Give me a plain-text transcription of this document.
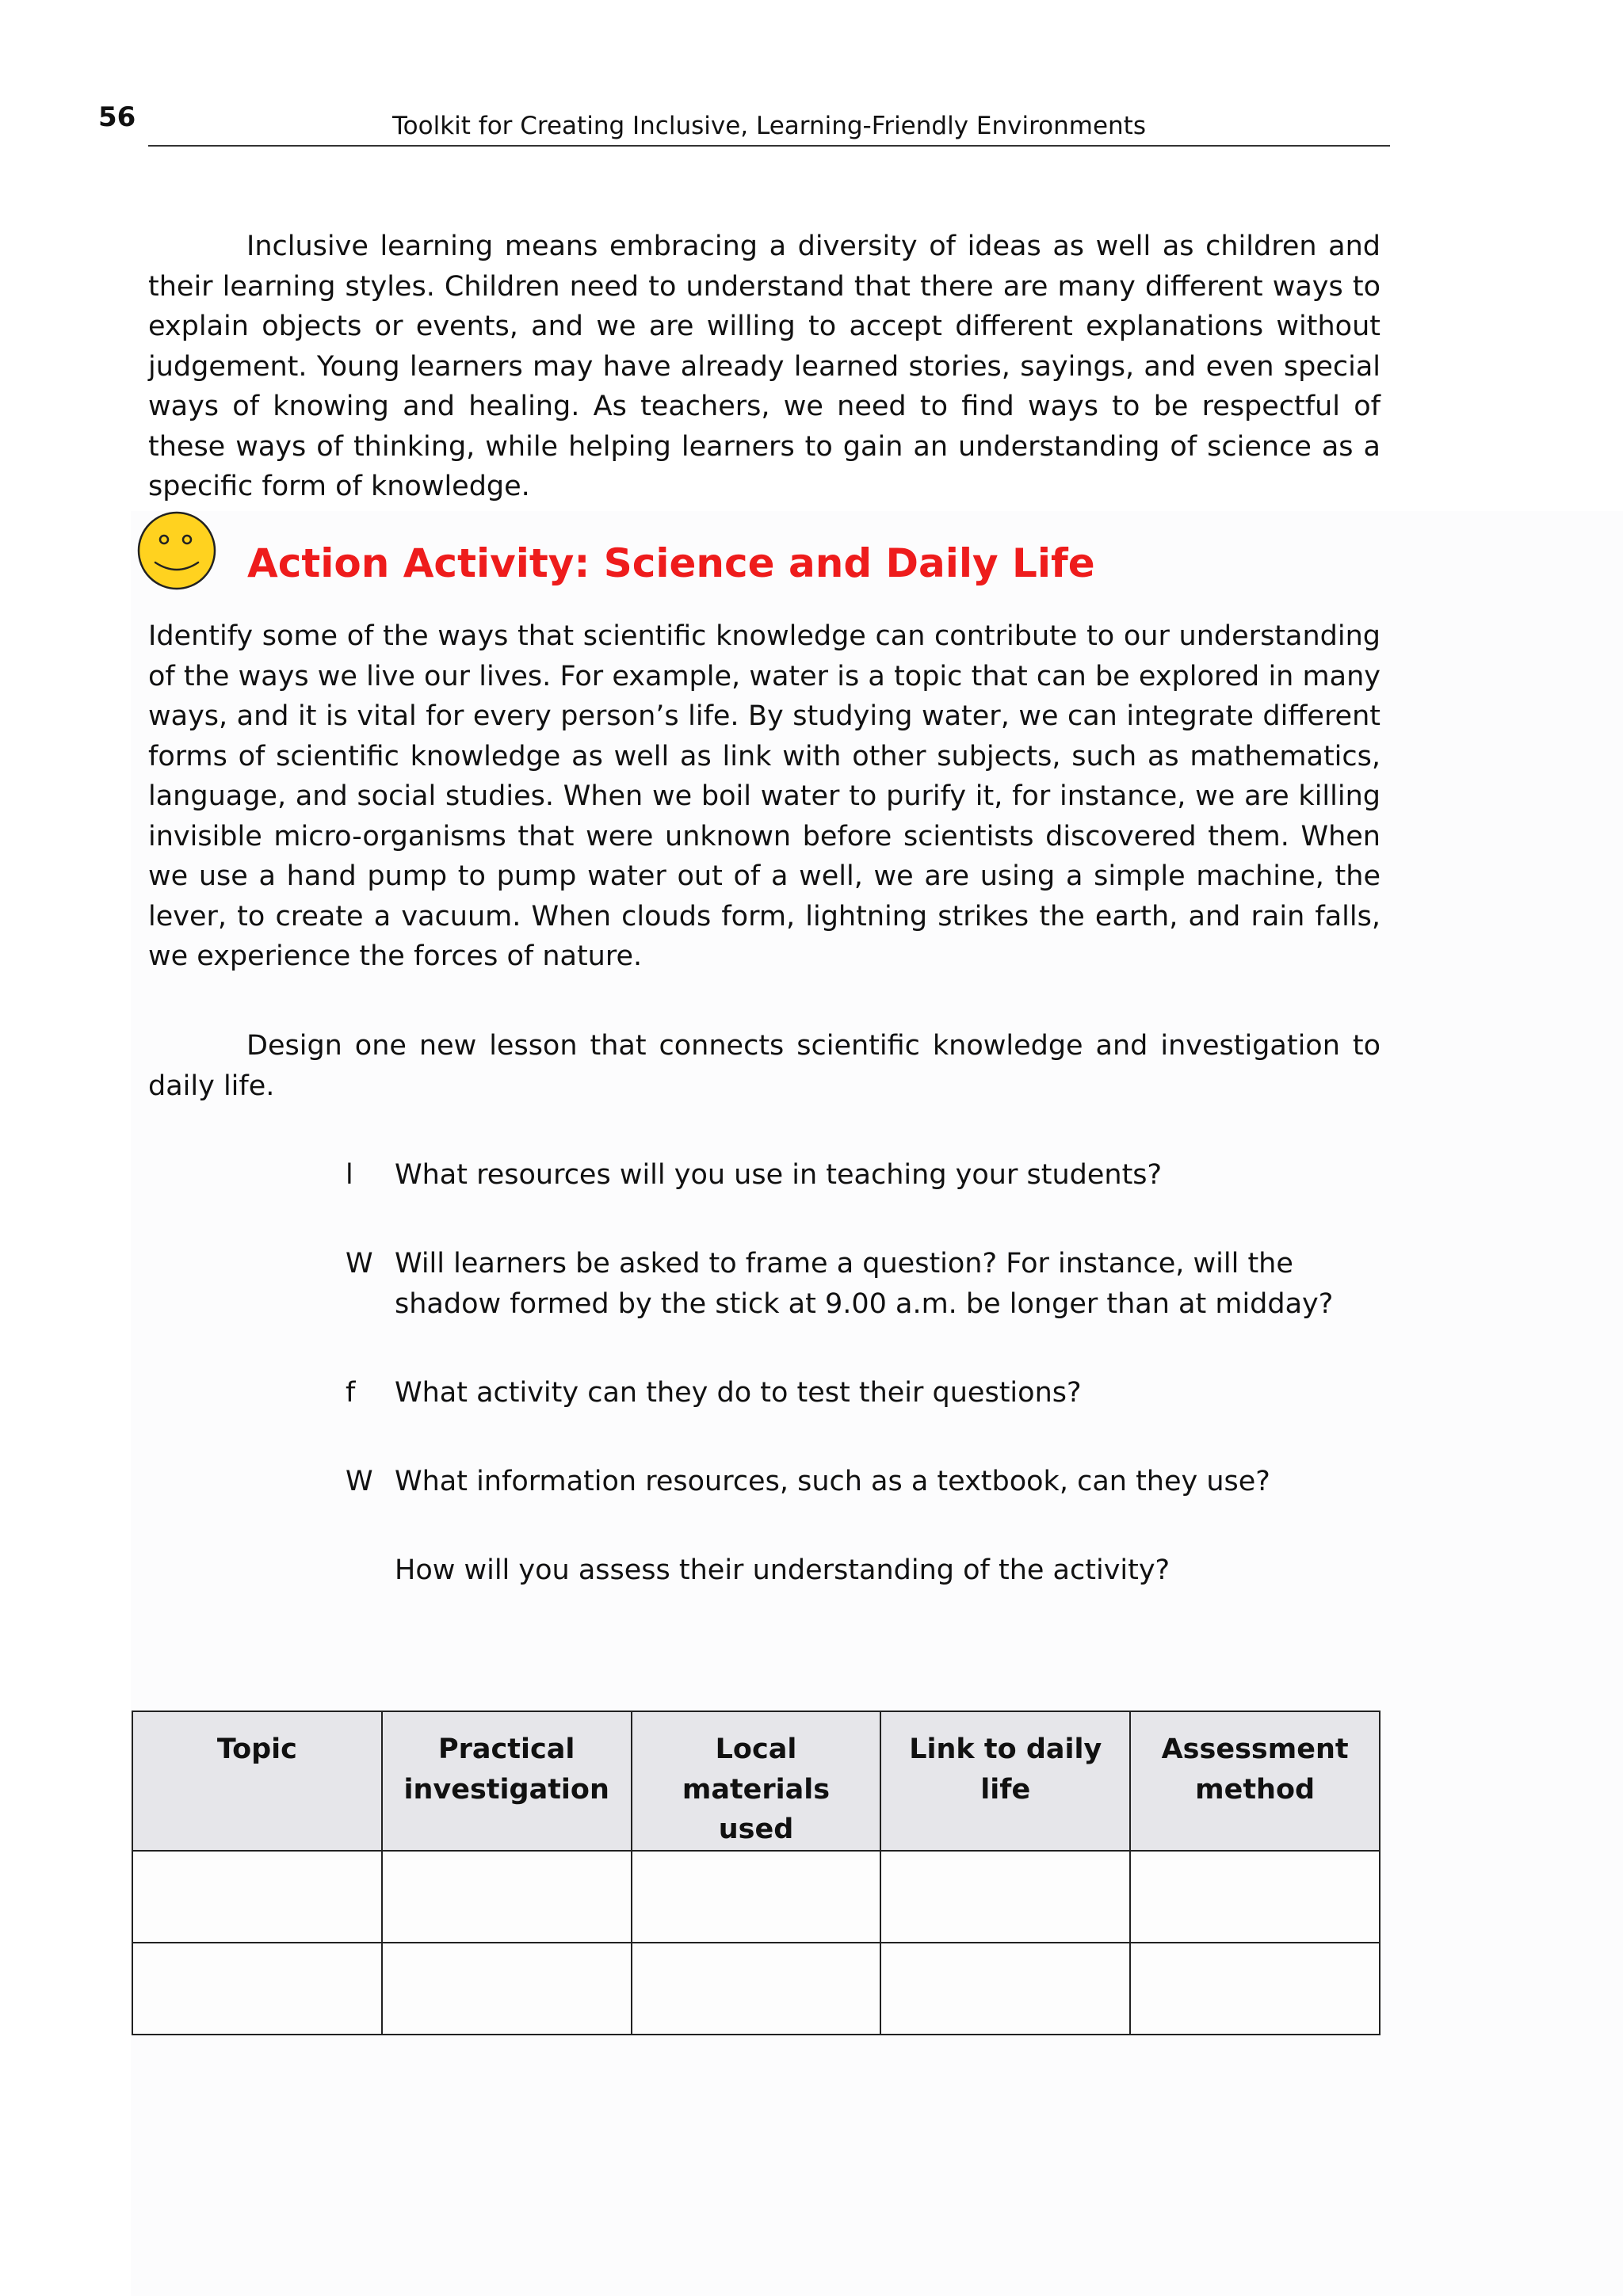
56	Toolkit for Creating Inclusive, Learning-Friendly Environments

Inclusive learning means embracing a diversity of ideas as well as children and their learning styles. Children need to understand that there are many different ways to explain objects or events, and we are willing to accept different explanations without judgement. Young learners may have already learned stories, sayings, and even special ways of knowing and healing. As teachers, we need to find ways to be respectful of these ways of thinking, while helping learners to gain an understanding of science as a specific form of knowledge.

Action Activity: Science and Daily Life

Identify some of the ways that scientific knowledge can contribute to our understanding of the ways we live our lives. For example, water is a topic that can be explored in many ways, and it is vital for every person’s life. By studying water, we can integrate different forms of scientific knowledge as well as link with other subjects, such as mathematics, language, and social studies. When we boil water to purify it, for instance, we are killing invisible micro-organisms that were unknown before scientists discovered them. When we use a hand pump to pump water out of a well, we are using a simple machine, the lever, to create a vacuum. When clouds form, lightning strikes the earth, and rain falls, we experience the forces of nature.

Design one new lesson that connects scientific knowledge and investigation to daily life.

l	What resources will you use in teaching your students?
W Will learners be asked to frame a question? For instance, will the shadow formed by the stick at 9.00 a.m. be longer than at midday?
f	What activity can they do to test their questions?
W What information resources, such as a textbook, can they use?
How will you assess their understanding of the activity?
Topic	Practical investigation	Local materials used	Link to daily life	Assessment method
